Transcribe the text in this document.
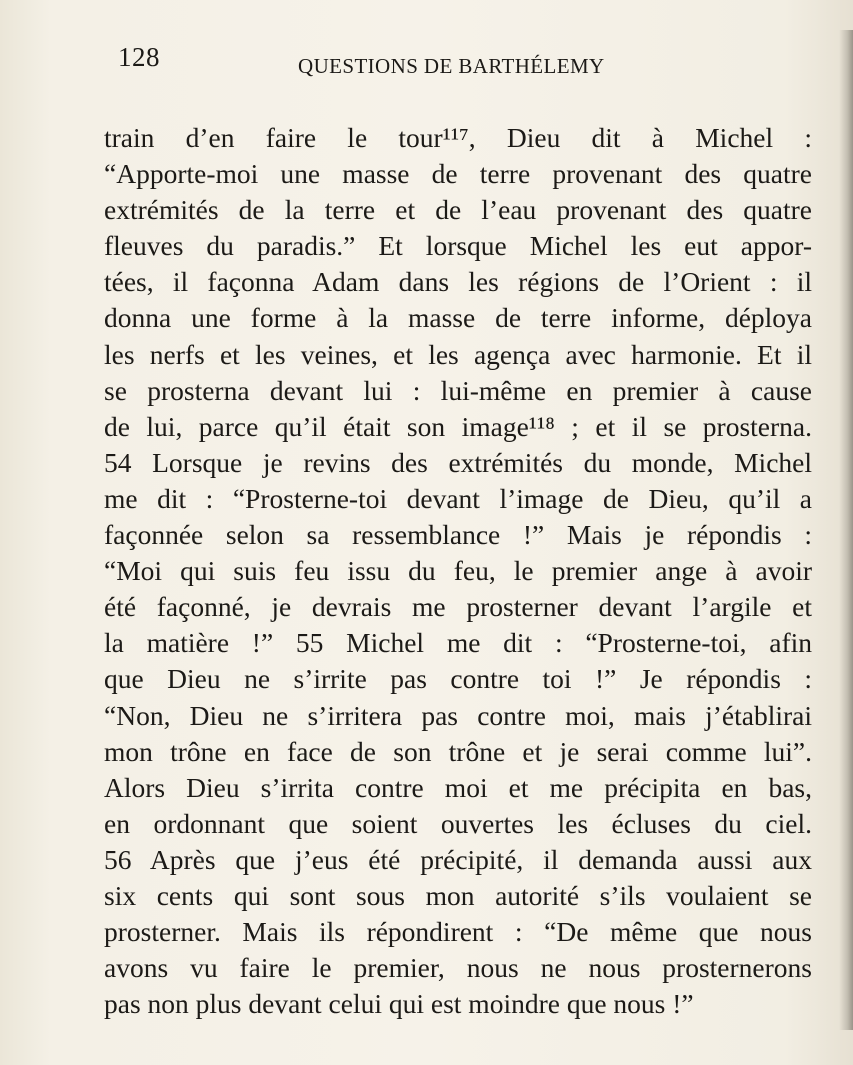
128	QUESTIONS DE BARTHÉLEMY
train d’en faire le tour¹¹⁷, Dieu dit à Michel :
“Apporte-moi une masse de terre provenant des quatre
extrémités de la terre et de l’eau provenant des quatre
fleuves du paradis.” Et lorsque Michel les eut appor-
tées, il façonna Adam dans les régions de l’Orient : il
donna une forme à la masse de terre informe, déploya
les nerfs et les veines, et les agença avec harmonie. Et il
se prosterna devant lui : lui-même en premier à cause
de lui, parce qu’il était son image¹¹⁸ ; et il se prosterna.
54 Lorsque je revins des extrémités du monde, Michel
me dit : “Prosterne-toi devant l’image de Dieu, qu’il a
façonnée selon sa ressemblance !” Mais je répondis :
“Moi qui suis feu issu du feu, le premier ange à avoir
été façonné, je devrais me prosterner devant l’argile et
la matière !” 55 Michel me dit : “Prosterne-toi, afin
que Dieu ne s’irrite pas contre toi !” Je répondis :
“Non, Dieu ne s’irritera pas contre moi, mais j’établirai
mon trône en face de son trône et je serai comme lui”.
Alors Dieu s’irrita contre moi et me précipita en bas,
en ordonnant que soient ouvertes les écluses du ciel.
56 Après que j’eus été précipité, il demanda aussi aux
six cents qui sont sous mon autorité s’ils voulaient se
prosterner. Mais ils répondirent : “De même que nous
avons vu faire le premier, nous ne nous prosternerons
pas non plus devant celui qui est moindre que nous !”
